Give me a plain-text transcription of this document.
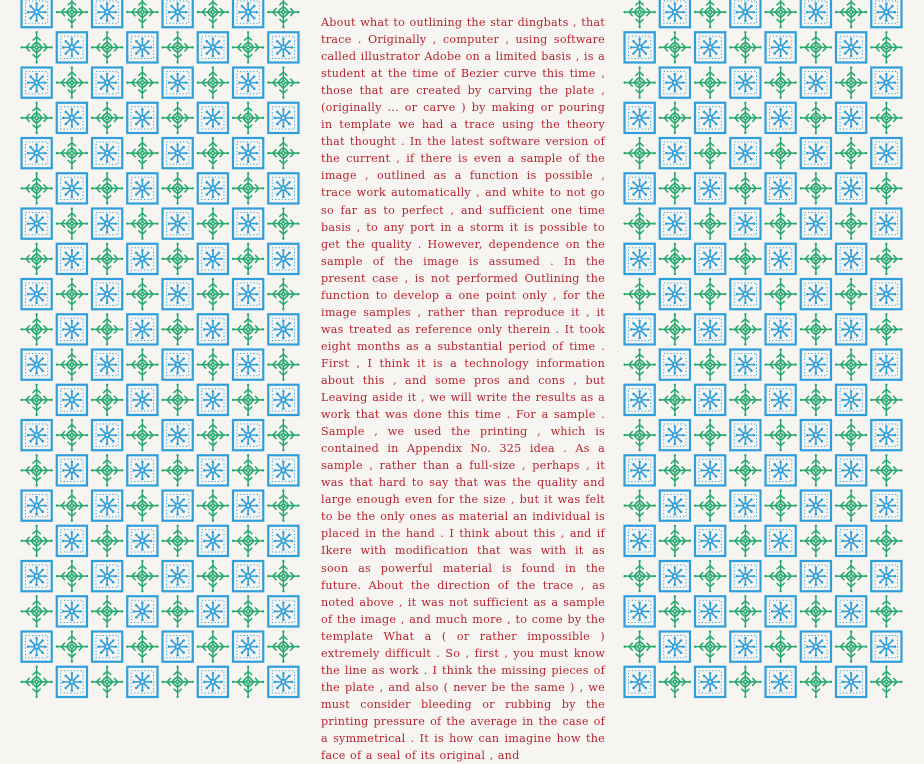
About what to outlining the star dingbats , that trace . Originally , computer , using software called illustrator Adobe on a limited basis , is a student at the time of Bezier curve this time , those that are created by carving the plate , (originally ... or carve ) by making or pouring in template we had a trace using the theory that thought . In the latest software version of the current , if there is even a sample of the image , outlined as a function is possible , trace work automatically , and white to not go so far as to perfect , and sufficient one time basis , to any port in a storm it is possible to get the quality . However, dependence on the sample of the image is assumed . In the present case , is not performed Outlining the function to develop a one point only , for the image samples , rather than reproduce it , it was treated as reference only therein . It took eight months as a substantial period of time . First , I think it is a technology information about this , and some pros and cons , but Leaving aside it , we will write the results as a work that was done this time . For a sample . Sample , we used the printing , which is contained in Appendix No. 325 idea . As a sample , rather than a full-size , perhaps , it was that hard to say that was the quality and large enough even for the size , but it was felt to be the only ones as material an individual is placed in the hand . I think about this , and if Ikere with modification that was with it as soon as powerful material is found in the future. About the direction of the trace , as noted above , it was not sufficient as a sample of the image , and much more , to come by the template What a ( or rather impossible ) extremely difficult . So , first , you must know the line as work . I think the missing pieces of the plate , and also ( never be the same ) , we must consider bleeding or rubbing by the printing pressure of the average in the case of a symmetrical . It is how can imagine how the face of a seal of its original , and
